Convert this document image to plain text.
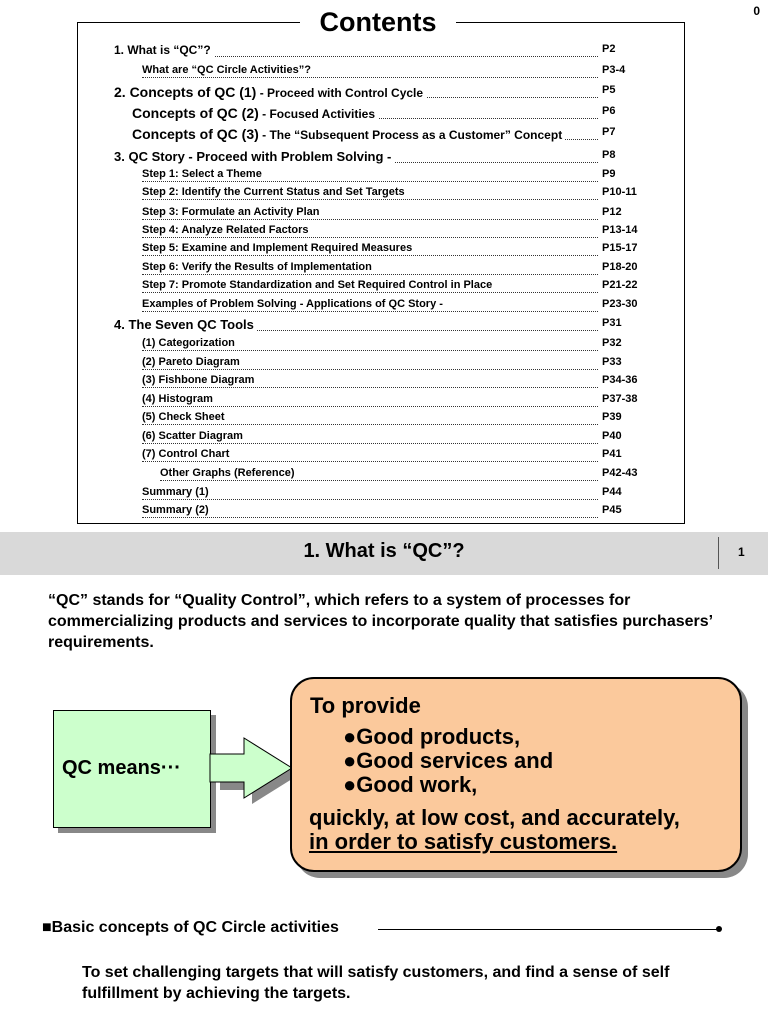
0
Contents
1. What is “QC”?	P2
What are “QC Circle Activities”?	P3-4
2. Concepts of QC (1) - Proceed with Control Cycle	P5
Concepts of QC (2) - Focused Activities	P6
Concepts of QC (3) - The “Subsequent Process as a Customer” Concept	P7
3. QC Story - Proceed with Problem Solving -	P8
Step 1: Select a Theme	P9
Step 2: Identify the Current Status and Set Targets	P10-11
Step 3: Formulate an Activity Plan	P12
Step 4: Analyze Related Factors	P13-14
Step 5: Examine and Implement Required Measures	P15-17
Step 6: Verify the Results of Implementation	P18-20
Step 7: Promote Standardization and Set Required Control in Place	P21-22
Examples of Problem Solving - Applications of QC Story -	P23-30
4. The Seven QC Tools	P31
(1) Categorization	P32
(2) Pareto Diagram	P33
(3) Fishbone Diagram	P34-36
(4) Histogram	P37-38
(5) Check Sheet	P39
(6) Scatter Diagram	P40
(7) Control Chart	P41
Other Graphs (Reference)	P42-43
Summary (1)	P44
Summary (2)	P45
1. What is “QC”?	1
“QC” stands for “Quality Control”, which refers to a system of processes for commercializing products and services to incorporate quality that satisfies purchasers’ requirements.
QC means···
To provide
●Good products,
●Good services and
●Good work,
quickly, at low cost, and accurately,
in order to satisfy customers.
■Basic concepts of QC Circle activities
To set challenging targets that will satisfy customers, and find a sense of self fulfillment by achieving the targets.
